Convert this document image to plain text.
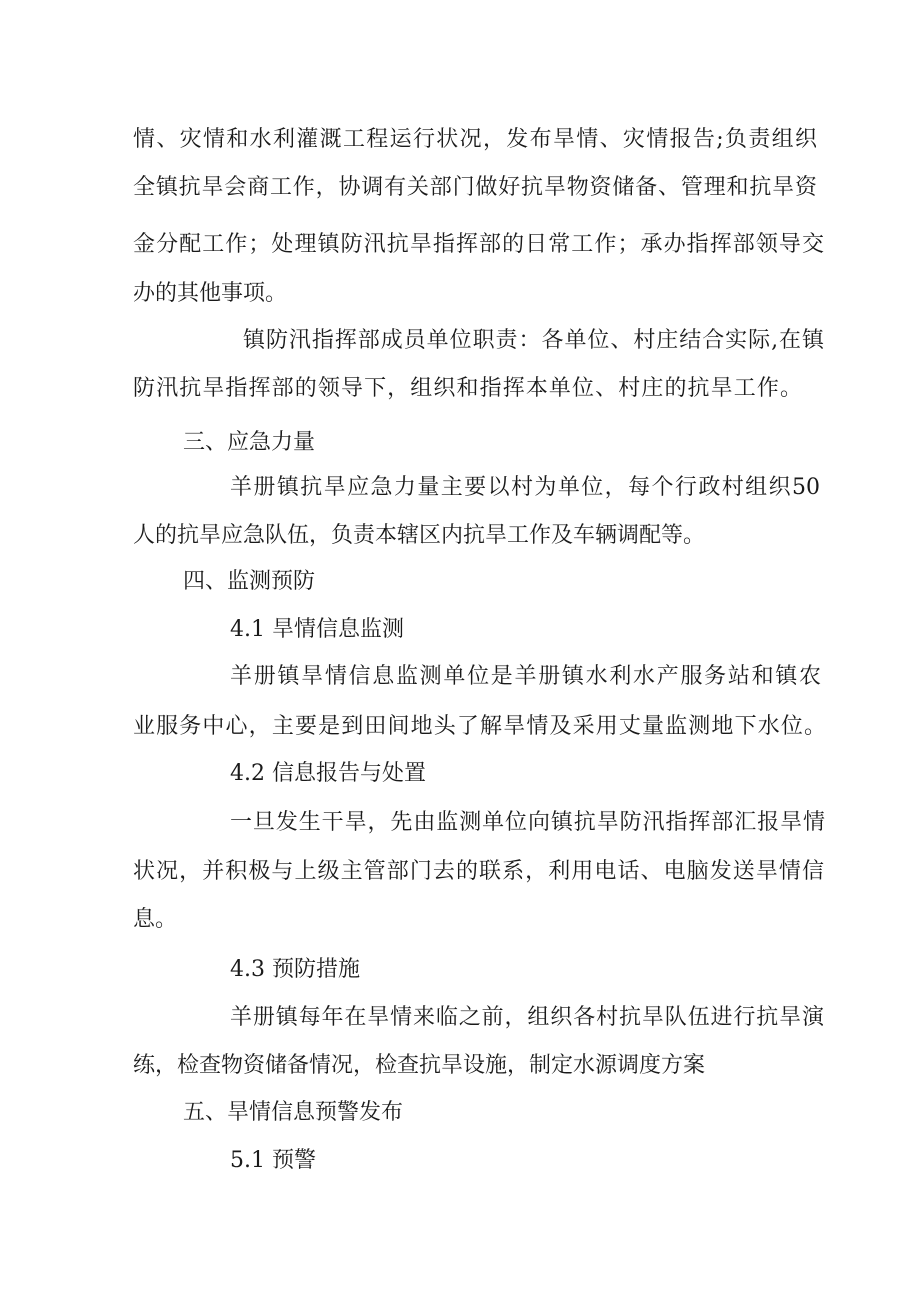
情、灾情和水利灌溉工程运行状况，发布旱情、灾情报告;负责组织
全镇抗旱会商工作，协调有关部门做好抗旱物资储备、管理和抗旱资
金分配工作；处理镇防汛抗旱指挥部的日常工作；承办指挥部领导交
办的其他事项。
镇防汛指挥部成员单位职责：各单位、村庄结合实际,在镇
防汛抗旱指挥部的领导下，组织和指挥本单位、村庄的抗旱工作。
三、应急力量
羊册镇抗旱应急力量主要以村为单位，每个行政村组织50
人的抗旱应急队伍，负责本辖区内抗旱工作及车辆调配等。
四、监测预防
4.1 旱情信息监测
羊册镇旱情信息监测单位是羊册镇水利水产服务站和镇农
业服务中心，主要是到田间地头了解旱情及采用丈量监测地下水位。
4.2 信息报告与处置
一旦发生干旱，先由监测单位向镇抗旱防汛指挥部汇报旱情
状况，并积极与上级主管部门去的联系，利用电话、电脑发送旱情信
息。
4.3 预防措施
羊册镇每年在旱情来临之前，组织各村抗旱队伍进行抗旱演
练，检查物资储备情况，检查抗旱设施，制定水源调度方案
五、旱情信息预警发布
5.1 预警
